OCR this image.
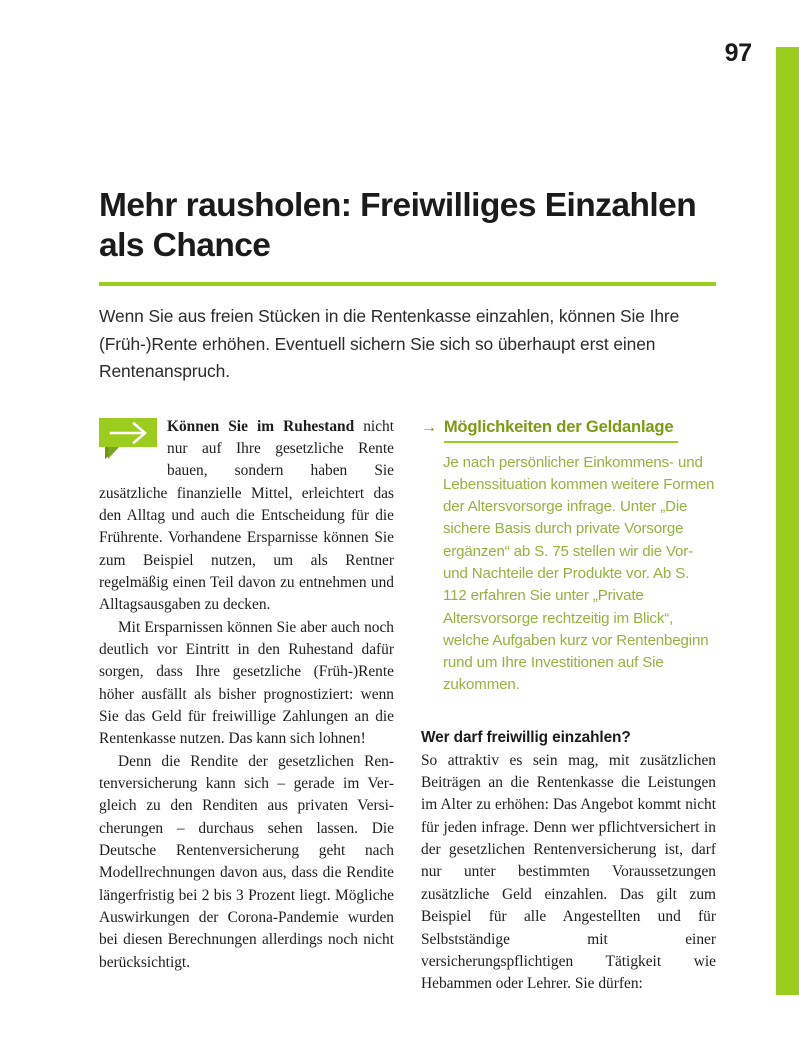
97
Mehr rausholen: Freiwilliges Einzahlen als Chance

Wenn Sie aus freien Stücken in die Rentenkasse einzahlen, können Sie Ihre (Früh-)Rente erhöhen. Eventuell sichern Sie sich so überhaupt erst einen Rentenanspruch.

Können Sie im Ruhestand nicht nur auf Ihre gesetzliche Rente bauen, sondern haben Sie zusätzliche finanzielle Mittel, erleichtert das den Alltag und auch die Entscheidung für die Frührente. Vorhandene Ersparnisse können Sie zum Beispiel nutzen, um als Rentner regelmäßig einen Teil davon zu entnehmen und Alltagsausgaben zu decken.

Mit Ersparnissen können Sie aber auch noch deutlich vor Eintritt in den Ruhestand dafür sorgen, dass Ihre gesetzliche (Früh-)Rente höher ausfällt als bisher prognostiziert: wenn Sie das Geld für freiwillige Zahlungen an die Rentenkasse nutzen. Das kann sich lohnen!

Denn die Rendite der gesetzlichen Rentenversicherung kann sich – gerade im Vergleich zu den Renditen aus privaten Versicherungen – durchaus sehen lassen. Die Deutsche Rentenversicherung geht nach Modellrechnungen davon aus, dass die Rendite längerfristig bei 2 bis 3 Prozent liegt. Mögliche Auswirkungen der Corona-Pandemie wurden bei diesen Berechnungen allerdings noch nicht berücksichtigt.

→ Möglichkeiten der Geldanlage

Je nach persönlicher Einkommens- und Lebenssituation kommen weitere Formen der Altersvorsorge infrage. Unter „Die sichere Basis durch private Vorsorge ergänzen“ ab S. 75 stellen wir die Vor- und Nachteile der Produkte vor. Ab S. 112 erfahren Sie unter „Private Altersvorsorge rechtzeitig im Blick“, welche Aufgaben kurz vor Rentenbeginn rund um Ihre Investitionen auf Sie zukommen.

Wer darf freiwillig einzahlen?

So attraktiv es sein mag, mit zusätzlichen Beiträgen an die Rentenkasse die Leistungen im Alter zu erhöhen: Das Angebot kommt nicht für jeden infrage. Denn wer pflichtversichert in der gesetzlichen Rentenversicherung ist, darf nur unter bestimmten Voraussetzungen zusätzliche Geld einzahlen. Das gilt zum Beispiel für alle Angestellten und für Selbstständige mit einer versicherungspflichtigen Tätigkeit wie Hebammen oder Lehrer. Sie dürfen:
